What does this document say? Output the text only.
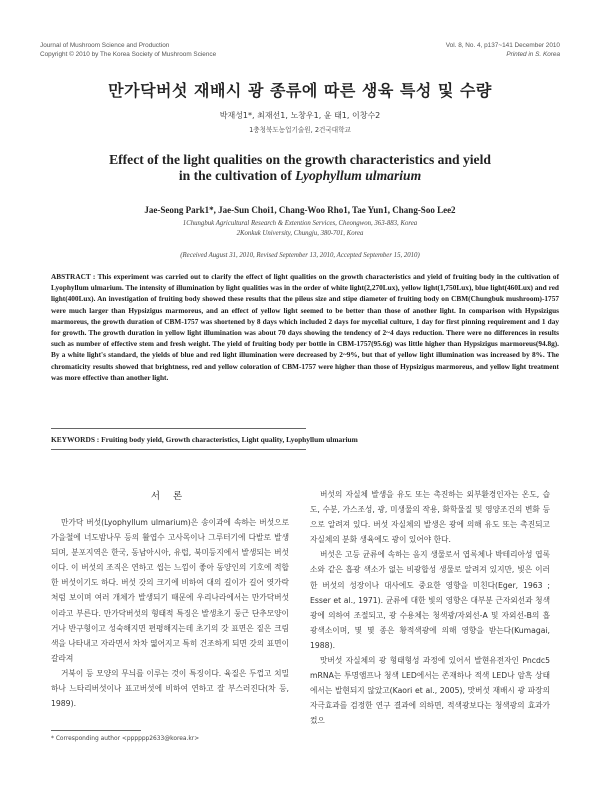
Journal of Mushroom Science and Production
Copyright © 2010 by The Korea Society of Mushroom Science
Vol. 8, No. 4, p137~141 December 2010
Printed in S. Korea
만가닥버섯 재배시 광 종류에 따른 생육 특성 및 수량
박재성1*, 최재선1, 노창우1, 윤 태1, 이창수2
1충청북도농업기술원, 2건국대학교
Effect of the light qualities on the growth characteristics and yield
in the cultivation of Lyophyllum ulmarium
Jae-Seong Park1*, Jae-Sun Choi1, Chang-Woo Rho1, Tae Yun1, Chang-Soo Lee2
1Chungbuk Agricultural Research & Extention Services, Cheongwon, 363-883, Korea
2Konkuk University, Chungju, 380-701, Korea
(Received August 31, 2010, Revised September 13, 2010, Accepted September 15, 2010)
ABSTRACT : This experiment was carried out to clarify the effect of light qualities on the growth characteristics and yield of fruiting body in the cultivation of Lyophyllum ulmarium. The intensity of illumination by light qualities was in the order of white light(2,270Lux), yellow light(1,750Lux), blue light(460Lux) and red light(400Lux). An investigation of fruiting body showed these results that the pileus size and stipe diameter of fruiting body on CBM(Chungbuk mushroom)-1757 were much larger than Hypsizigus marmoreus, and an effect of yellow light seemed to be better than those of another light. In comparison with Hypsizigus marmoreus, the growth duration of CBM-1757 was shortened by 8 days which included 2 days for mycelial culture, 1 day for first pinning requirement and 1 day for growth. The growth duration in yellow light illumination was about 70 days showing the tendency of 2~4 days reduction. There were no differences in results such as number of effective stem and fresh weight. The yield of fruiting body per bottle in CBM-1757(95.6g) was little higher than Hypsizigus marmoreus(94.8g). By a white light's standard, the yields of blue and red light illumination were decreased by 2~9%, but that of yellow light illumination was increased by 8%. The chromaticity results showed that brightness, red and yellow coloration of CBM-1757 were higher than those of Hypsizigus marmoreus, and yellow light treatment was more effective than another light.
KEYWORDS : Fruiting body yield, Growth characteristics, Light quality, Lyophyllum ulmarium
서 론

만가닥 버섯(Lyophyllum ulmarium)은 송이과에 속하는 버섯으로 가을철에 너도밤나무 등의 활엽수 고사목이나 그루터기에 다발로 발생되며, 분포지역은 한국, 동남아시아, 유럽, 북미등지에서 발생되는 버섯이다. 이 버섯의 조직은 연하고 씹는 느낌이 좋아 동양인의 기호에 적합한 버섯이기도 하다. 버섯 갓의 크기에 비하여 대의 길이가 길어 엿가락처럼 보이며 여러 개체가 발생되기 때문에 우리나라에서는 만가닥버섯이라고 부른다. 만가닥버섯의 형태적 특징은 발생초기 둥근 단추모양이거나 반구형이고 성숙해지면 편평해지는데 초기의 갓 표면은 짙은 크림색을 나타내고 자라면서 차차 엷어지고 특히 건조하게 되면 갓의 표면이 갈라져

거북이 등 모양의 무늬를 이루는 것이 특징이다. 육질은 두껍고 치밀하나 느타리버섯이나 표고버섯에 비하여 연하고 잘 부스러진다(차 등, 1989).

버섯의 자실체 발생을 유도 또는 촉진하는 외부환경인자는 온도, 습도, 수분, 가스조성, 광, 미생물의 작용, 화학물질 및 영양조건의 변화 등으로 알려져 있다. 버섯 자실체의 발생은 광에 의해 유도 또는 촉진되고 자실체의 분화 생육에도 광이 있어야 한다.

버섯은 고등 균류에 속하는 음지 생물로서 엽록체나 박테리아성 엽록소와 같은 흡광 색소가 없는 비광합성 생물로 알려져 있지만, 빛은 이러한 버섯의 성장이나 대사에도 중요한 영향을 미친다(Eger, 1963 ; Esser et al., 1971). 균류에 대한 빛의 영향은 대부분 근자외선과 청색광에 의하여 조절되고, 광 수용체는 청색광/자외선-A 및 자외선-B의 흡광색소이며, 몇 몇 종은 황적색광에 의해 영향을 받는다(Kumagai, 1988).

맛버섯 자실체의 광 형태형성 과정에 있어서 발현유전자인 Pncdc5 mRNA는 투명앰프나 청색 LED에서는 존재하나 적색 LED나 암흑 상태에서는 발현되지 않았고(Kaori et al., 2005), 맛버섯 재배시 광 파장의 자극효과를 검정한 연구 결과에 의하면, 적색광보다는 청색광의 효과가 컸으

* Corresponding author <pppppp2633@korea.kr>
